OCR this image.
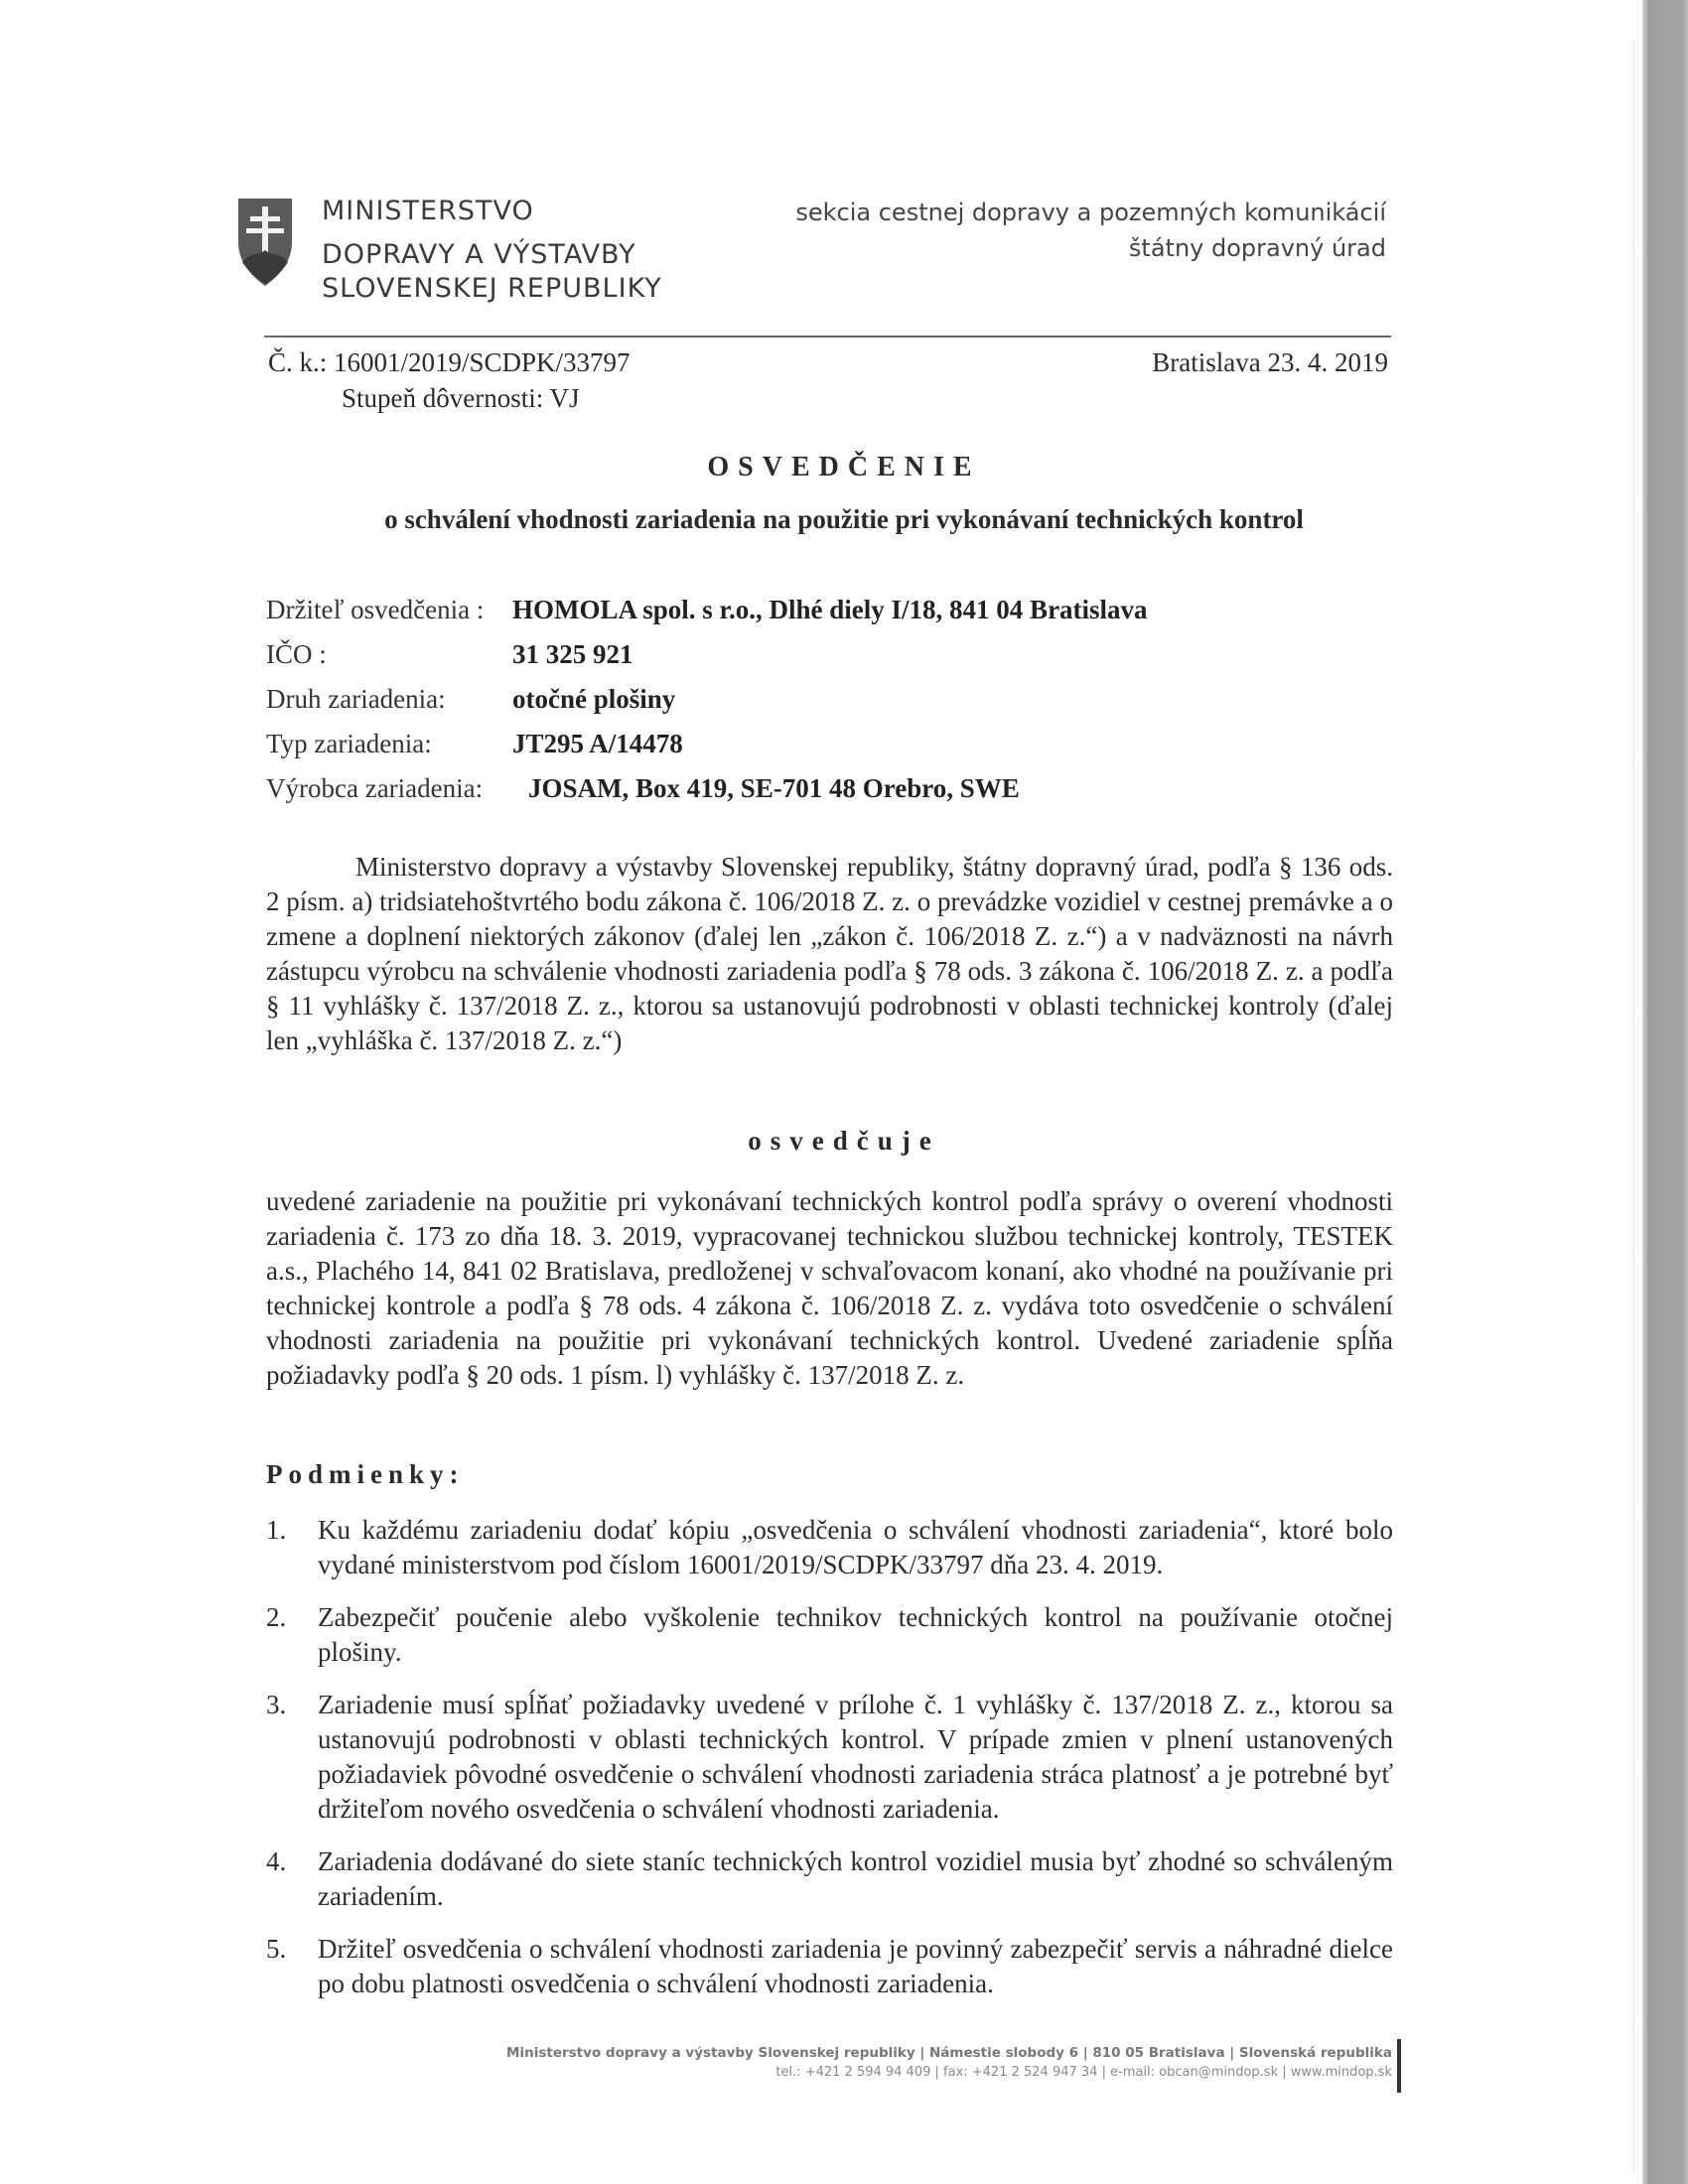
MINISTERSTVO
DOPRAVY A VÝSTAVBY
SLOVENSKEJ REPUBLIKY
sekcia cestnej dopravy a pozemných komunikácií
štátny dopravný úrad
Č. k.: 16001/2019/SCDPK/33797
Stupeň dôvernosti: VJ
Bratislava 23. 4. 2019
OSVEDČENIE
o schválení vhodnosti zariadenia na použitie pri vykonávaní technických kontrol
Držiteľ osvedčenia : HOMOLA spol. s r.o., Dlhé diely I/18, 841 04 Bratislava
IČO :	31 325 921
Druh zariadenia: otočné plošiny
Typ zariadenia:	JT295 A/14478
Výrobca zariadenia: JOSAM, Box 419, SE-701 48 Orebro, SWE
Ministerstvo dopravy a výstavby Slovenskej republiky, štátny dopravný úrad, podľa § 136 ods. 2 písm. a) tridsiatehoštvrtého bodu zákona č. 106/2018 Z. z. o prevádzke vozidiel v cestnej premávke a o zmene a doplnení niektorých zákonov (ďalej len „zákon č. 106/2018 Z. z.“) a v nadväznosti na návrh zástupcu výrobcu na schválenie vhodnosti zariadenia podľa § 78 ods. 3 zákona č. 106/2018 Z. z. a podľa § 11 vyhlášky č. 137/2018 Z. z., ktorou sa ustanovujú podrobnosti v oblasti technickej kontroly (ďalej len „vyhláška č. 137/2018 Z. z.“)
osvedčuje
uvedené zariadenie na použitie pri vykonávaní technických kontrol podľa správy o overení vhodnosti zariadenia č. 173 zo dňa 18. 3. 2019, vypracovanej technickou službou technickej kontroly, TESTEK a.s., Plachého 14, 841 02 Bratislava, predloženej v schvaľovacom konaní, ako vhodné na používanie pri technickej kontrole a podľa § 78 ods. 4 zákona č. 106/2018 Z. z. vydáva toto osvedčenie o schválení vhodnosti zariadenia na použitie pri vykonávaní technických kontrol. Uvedené zariadenie spĺňa požiadavky podľa § 20 ods. 1 písm. l) vyhlášky č. 137/2018 Z. z.
Podmienky:
1. Ku každému zariadeniu dodať kópiu „osvedčenia o schválení vhodnosti zariadenia“, ktoré bolo vydané ministerstvom pod číslom 16001/2019/SCDPK/33797 dňa 23. 4. 2019.
2. Zabezpečiť poučenie alebo vyškolenie technikov technických kontrol na používanie otočnej plošiny.
3. Zariadenie musí spĺňať požiadavky uvedené v prílohe č. 1 vyhlášky č. 137/2018 Z. z., ktorou sa ustanovujú podrobnosti v oblasti technických kontrol. V prípade zmien v plnení ustanovených požiadaviek pôvodné osvedčenie o schválení vhodnosti zariadenia stráca platnosť a je potrebné byť držiteľom nového osvedčenia o schválení vhodnosti zariadenia.
4. Zariadenia dodávané do siete staníc technických kontrol vozidiel musia byť zhodné so schváleným zariadením.
5. Držiteľ osvedčenia o schválení vhodnosti zariadenia je povinný zabezpečiť servis a náhradné dielce po dobu platnosti osvedčenia o schválení vhodnosti zariadenia.
Ministerstvo dopravy a výstavby Slovenskej republiky | Námestie slobody 6 | 810 05 Bratislava | Slovenská republika
tel.: +421 2 594 94 409 | fax: +421 2 524 947 34 | e-mail: obcan@mindop.sk | www.mindop.sk
